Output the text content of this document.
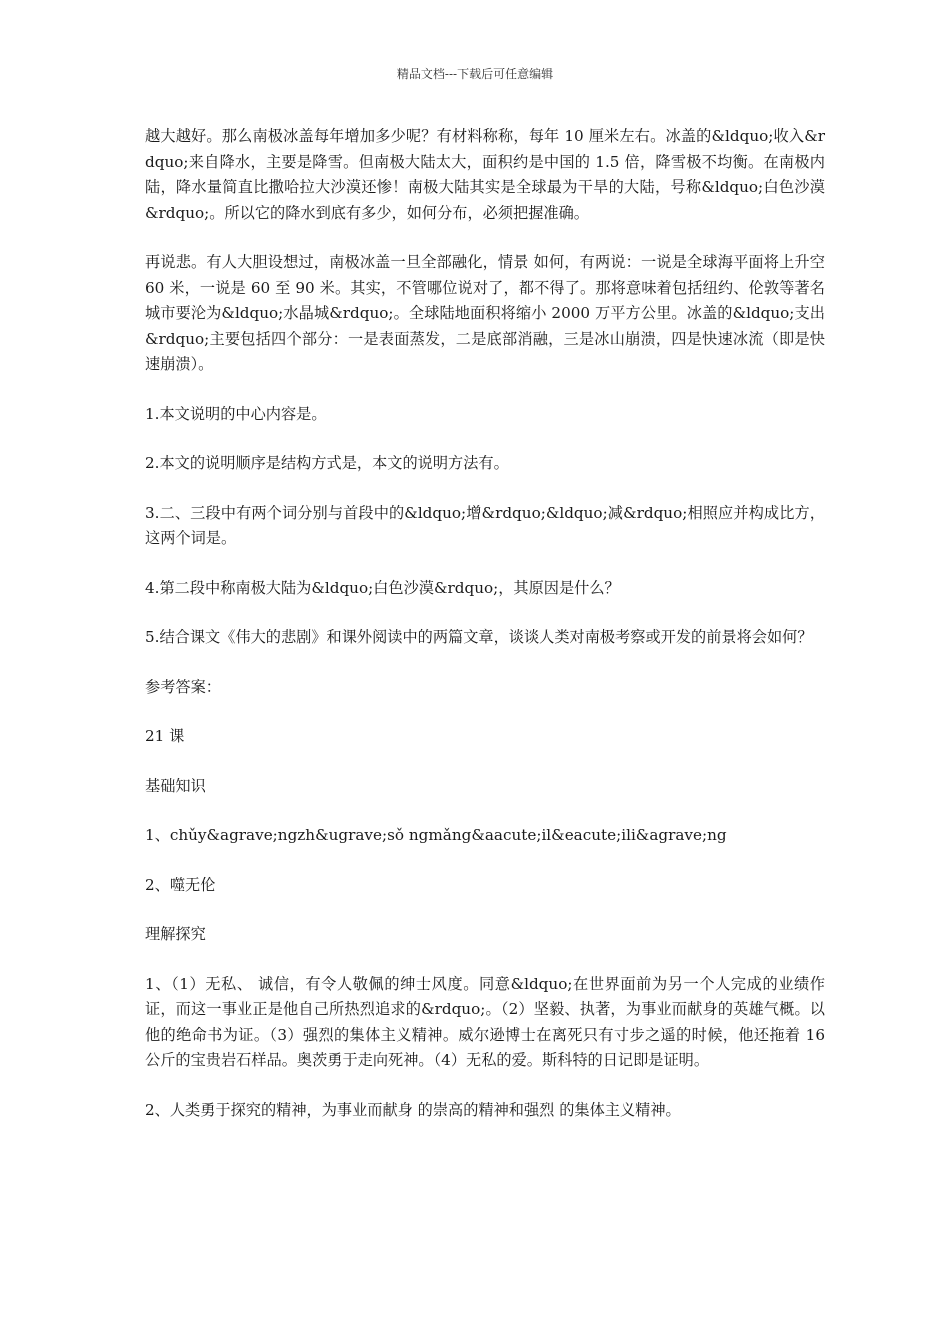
精品文档---下载后可任意编辑

越大越好。那么南极冰盖每年增加多少呢？有材料称称，每年 10 厘米左右。冰盖的&ldquo;收入&rdquo;来自降水，主要是降雪。但南极大陆太大，面积约是中国的 1.5 倍，降雪极不均衡。在南极内陆，降水量简直比撒哈拉大沙漠还惨！南极大陆其实是全球最为干旱的大陆，号称&ldquo;白色沙漠&rdquo;。所以它的降水到底有多少，如何分布，必须把握准确。

再说悲。有人大胆设想过，南极冰盖一旦全部融化，情景 如何，有两说：一说是全球海平面将上升空 60 米，一说是 60 至 90 米。其实，不管哪位说对了，都不得了。那将意味着包括纽约、伦敦等著名城市要沦为&ldquo;水晶城&rdquo;。全球陆地面积将缩小 2000 万平方公里。冰盖的&ldquo;支出&rdquo;主要包括四个部分：一是表面蒸发，二是底部消融，三是冰山崩溃，四是快速冰流（即是快速崩溃）。

1.本文说明的中心内容是。

2.本文的说明顺序是结构方式是，本文的说明方法有。

3.二、三段中有两个词分别与首段中的&ldquo;增&rdquo;&ldquo;减&rdquo;相照应并构成比方，这两个词是。

4.第二段中称南极大陆为&ldquo;白色沙漠&rdquo;，其原因是什么？

5.结合课文《伟大的悲剧》和课外阅读中的两篇文章，谈谈人类对南极考察或开发的前景将会如何？

参考答案：

21 课

基础知识

1、chǔy&agrave;ngzh&ugrave;sǒ ngmǎng&aacute;il&eacute;ili&agrave;ng

2、噬无伦

理解探究

1、（1）无私、 诚信，有令人敬佩的绅士风度。同意&ldquo;在世界面前为另一个人完成的业绩作证，而这一事业正是他自己所热烈追求的&rdquo;。（2）坚毅、执著，为事业而献身的英雄气概。以他的绝命书为证。（3）强烈的集体主义精神。威尔逊博士在离死只有寸步之遥的时候，他还拖着 16 公斤的宝贵岩石样品。奥茨勇于走向死神。（4）无私的爱。斯科特的日记即是证明。

2、人类勇于探究的精神，为事业而献身 的崇高的精神和强烈 的集体主义精神。
